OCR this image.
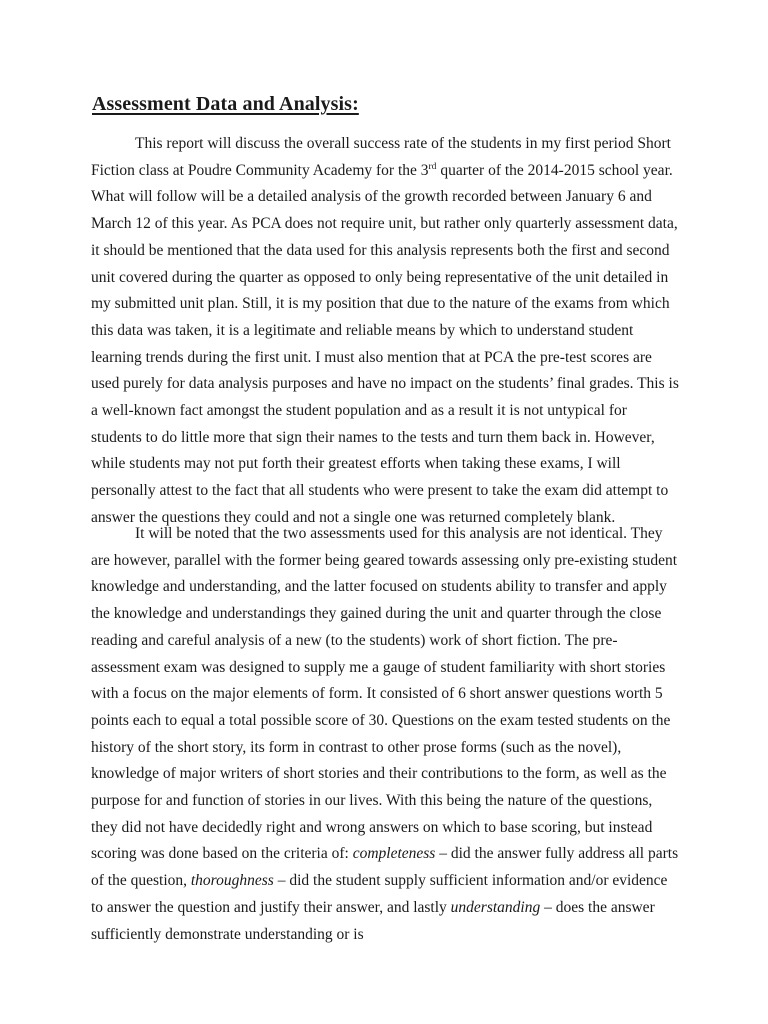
Assessment Data and Analysis:

This report will discuss the overall success rate of the students in my first period Short Fiction class at Poudre Community Academy for the 3rd quarter of the 2014-2015 school year. What will follow will be a detailed analysis of the growth recorded between January 6 and March 12 of this year. As PCA does not require unit, but rather only quarterly assessment data, it should be mentioned that the data used for this analysis represents both the first and second unit covered during the quarter as opposed to only being representative of the unit detailed in my submitted unit plan. Still, it is my position that due to the nature of the exams from which this data was taken, it is a legitimate and reliable means by which to understand student learning trends during the first unit. I must also mention that at PCA the pre-test scores are used purely for data analysis purposes and have no impact on the students’ final grades. This is a well-known fact amongst the student population and as a result it is not untypical for students to do little more that sign their names to the tests and turn them back in. However, while students may not put forth their greatest efforts when taking these exams, I will personally attest to the fact that all students who were present to take the exam did attempt to answer the questions they could and not a single one was returned completely blank.

It will be noted that the two assessments used for this analysis are not identical. They are however, parallel with the former being geared towards assessing only pre-existing student knowledge and understanding, and the latter focused on students ability to transfer and apply the knowledge and understandings they gained during the unit and quarter through the close reading and careful analysis of a new (to the students) work of short fiction. The pre-assessment exam was designed to supply me a gauge of student familiarity with short stories with a focus on the major elements of form. It consisted of 6 short answer questions worth 5 points each to equal a total possible score of 30. Questions on the exam tested students on the history of the short story, its form in contrast to other prose forms (such as the novel), knowledge of major writers of short stories and their contributions to the form, as well as the purpose for and function of stories in our lives. With this being the nature of the questions, they did not have decidedly right and wrong answers on which to base scoring, but instead scoring was done based on the criteria of: completeness – did the answer fully address all parts of the question, thoroughness – did the student supply sufficient information and/or evidence to answer the question and justify their answer, and lastly understanding – does the answer sufficiently demonstrate understanding or is
